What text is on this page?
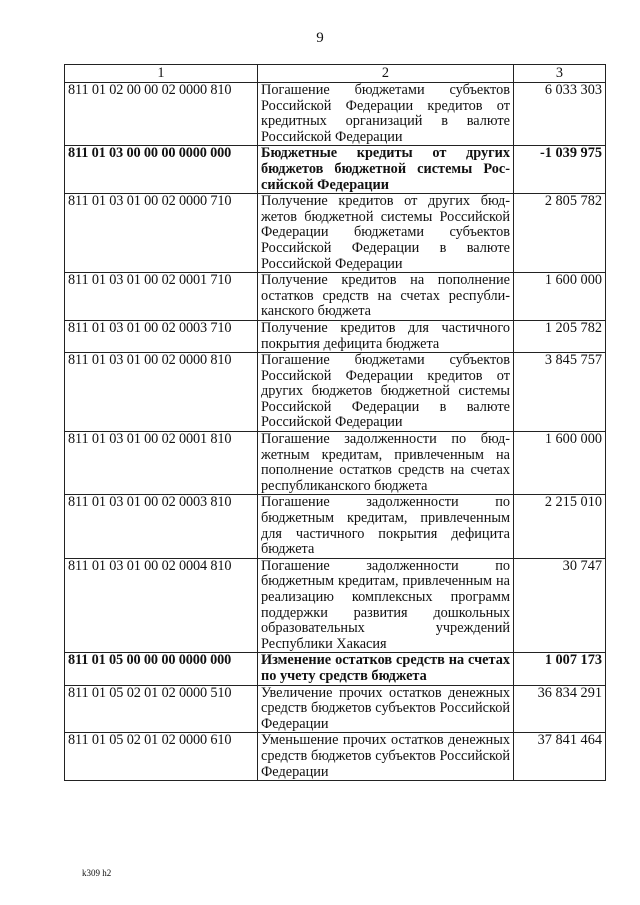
9
1	2	3
811 01 02 00 00 02 0000 810	Погашение бюджетами субъектов Российской Федерации кредитов от кредитных организаций в валюте Российской Федерации	6 033 303
811 01 03 00 00 00 0000 000	Бюджетные кредиты от других бюджетов бюджетной системы Российской Федерации	-1 039 975
811 01 03 01 00 02 0000 710	Получение кредитов от других бюджетов бюджетной системы Российской Федерации бюджетами субъектов Российской Федерации в валюте Российской Федерации	2 805 782
811 01 03 01 00 02 0001 710	Получение кредитов на пополнение остатков средств на счетах республиканского бюджета	1 600 000
811 01 03 01 00 02 0003 710	Получение кредитов для частичного покрытия дефицита бюджета	1 205 782
811 01 03 01 00 02 0000 810	Погашение бюджетами субъектов Российской Федерации кредитов от других бюджетов бюджетной системы Российской Федерации в валюте Российской Федерации	3 845 757
811 01 03 01 00 02 0001 810	Погашение задолженности по бюджетным кредитам, привлеченным на пополнение остатков средств на счетах республиканского бюджета	1 600 000
811 01 03 01 00 02 0003 810	Погашение задолженности по бюджетным кредитам, привлеченным для частичного покрытия дефицита бюджета	2 215 010
811 01 03 01 00 02 0004 810	Погашение задолженности по бюджетным кредитам, привлеченным на реализацию комплексных программ поддержки развития дошкольных образовательных учреждений Республики Хакасия	30 747
811 01 05 00 00 00 0000 000	Изменение остатков средств на счетах по учету средств бюджета	1 007 173
811 01 05 02 01 02 0000 510	Увеличение прочих остатков денежных средств бюджетов субъектов Российской Федерации	36 834 291
811 01 05 02 01 02 0000 610	Уменьшение прочих остатков денежных средств бюджетов субъектов Российской Федерации	37 841 464
k309 h2
